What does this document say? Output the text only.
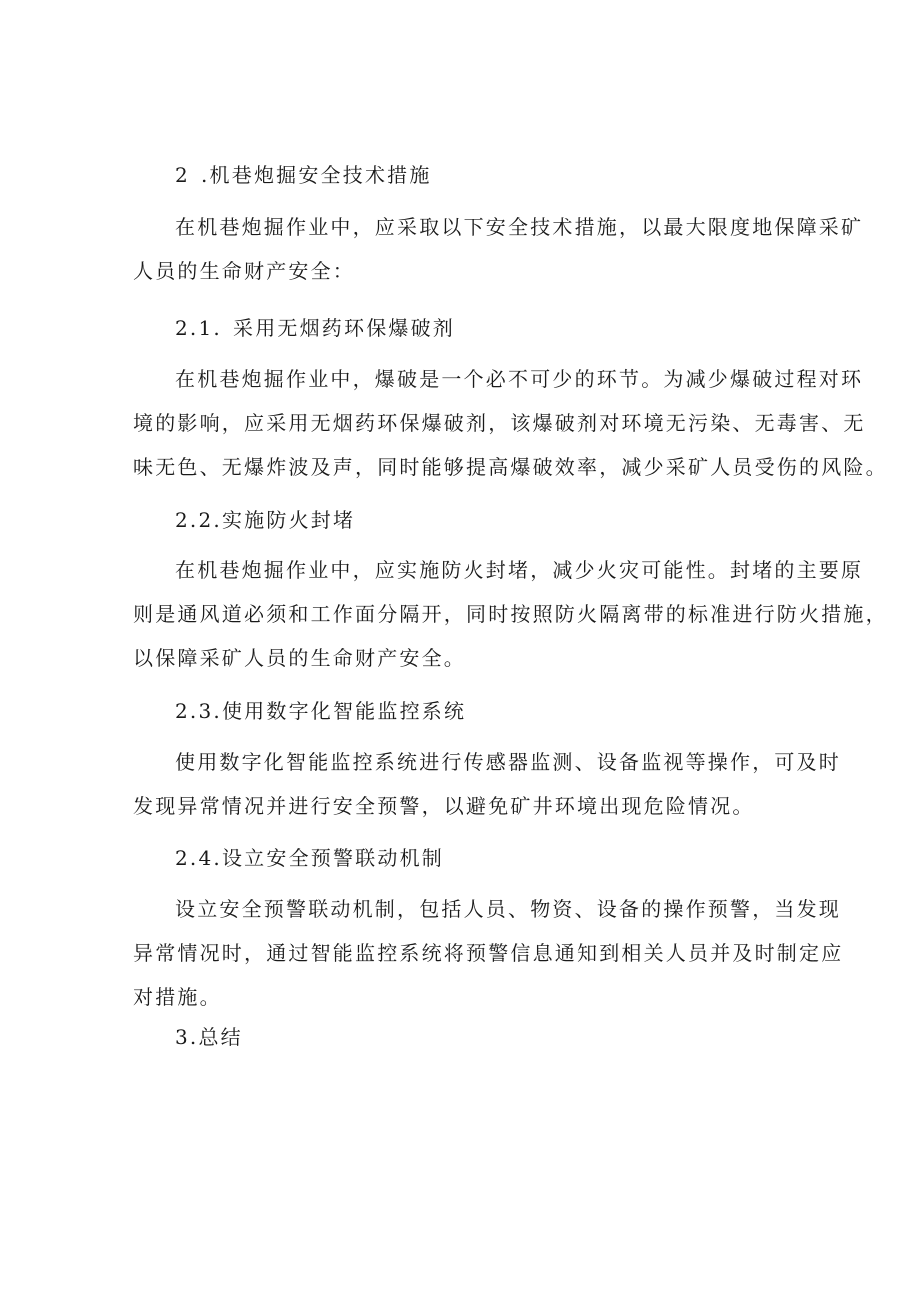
2 .机巷炮掘安全技术措施

在机巷炮掘作业中，应采取以下安全技术措施，以最大限度地保障采矿
人员的生命财产安全：

2.1. 采用无烟药环保爆破剂

在机巷炮掘作业中，爆破是一个必不可少的环节。为减少爆破过程对环
境的影响，应采用无烟药环保爆破剂，该爆破剂对环境无污染、无毒害、无
味无色、无爆炸波及声，同时能够提高爆破效率，减少采矿人员受伤的风险。

2.2.实施防火封堵

在机巷炮掘作业中，应实施防火封堵，减少火灾可能性。封堵的主要原
则是通风道必须和工作面分隔开，同时按照防火隔离带的标准进行防火措施，
以保障采矿人员的生命财产安全。

2.3.使用数字化智能监控系统

使用数字化智能监控系统进行传感器监测、设备监视等操作，可及时
发现异常情况并进行安全预警，以避免矿井环境出现危险情况。

2.4.设立安全预警联动机制

设立安全预警联动机制，包括人员、物资、设备的操作预警，当发现
异常情况时，通过智能监控系统将预警信息通知到相关人员并及时制定应
对措施。

3.总结
